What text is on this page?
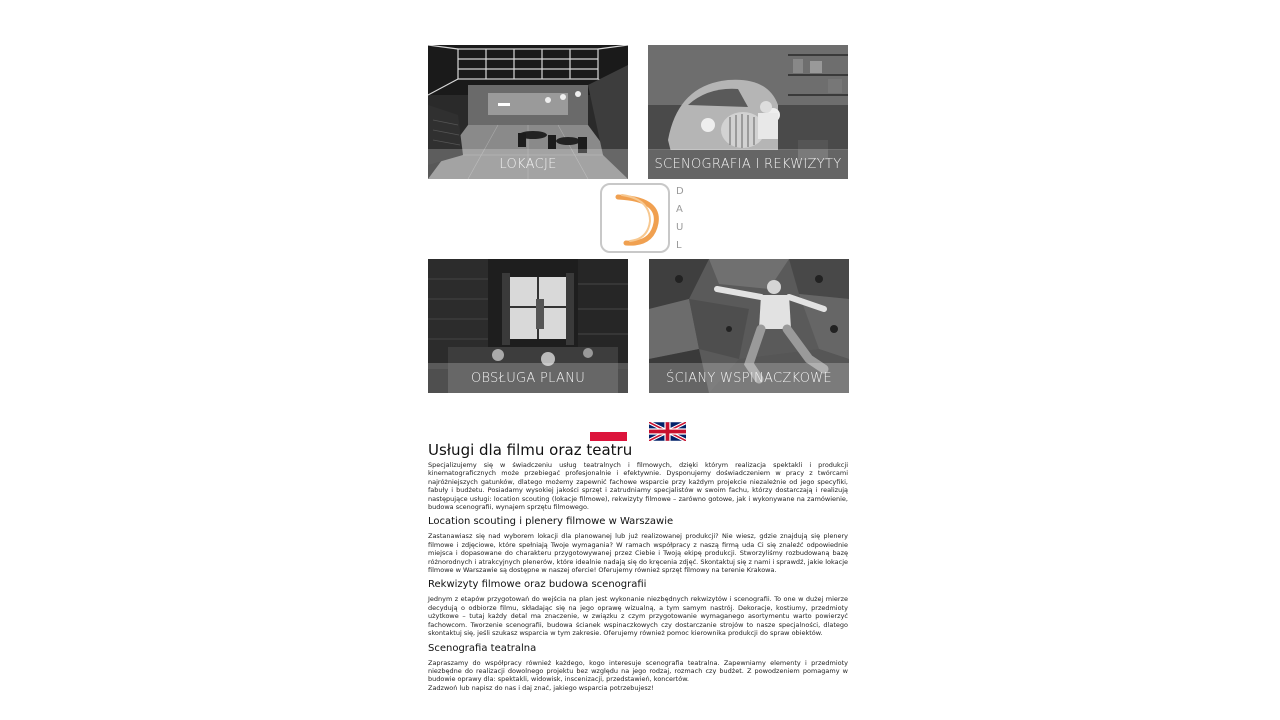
LOKACJE	SCENOGRAFIA I REKWIZYTY
D
A
U
L
OBSŁUGA PLANU	ŚCIANY WSPINACZKOWE
Usługi dla filmu oraz teatru

Specjalizujemy się w świadczeniu usług teatralnych i filmowych, dzięki którym realizacja spektakli i produkcji kinematograficznych może przebiegać profesjonalnie i efektywnie. Dysponujemy doświadczeniem w pracy z twórcami najróżniejszych gatunków, dlatego możemy zapewnić fachowe wsparcie przy każdym projekcie niezależnie od jego specyfiki, fabuły i budżetu. Posiadamy wysokiej jakości sprzęt i zatrudniamy specjalistów w swoim fachu, którzy dostarczają i realizują następujące usługi: location scouting (lokacje filmowe), rekwizyty filmowe – zarówno gotowe, jak i wykonywane na zamówienie, budowa scenografii, wynajem sprzętu filmowego.

Location scouting i plenery filmowe w Warszawie

Zastanawiasz się nad wyborem lokacji dla planowanej lub już realizowanej produkcji? Nie wiesz, gdzie znajdują się plenery filmowe i zdjęciowe, które spełniają Twoje wymagania? W ramach współpracy z naszą firmą uda Ci się znaleźć odpowiednie miejsca i dopasowane do charakteru przygotowywanej przez Ciebie i Twoją ekipę produkcji. Stworzyliśmy rozbudowaną bazę różnorodnych i atrakcyjnych plenerów, które idealnie nadają się do kręcenia zdjęć. Skontaktuj się z nami i sprawdź, jakie lokacje filmowe w Warszawie są dostępne w naszej ofercie! Oferujemy również sprzęt filmowy na terenie Krakowa.

Rekwizyty filmowe oraz budowa scenografii

Jednym z etapów przygotowań do wejścia na plan jest wykonanie niezbędnych rekwizytów i scenografii. To one w dużej mierze decydują o odbiorze filmu, składając się na jego oprawę wizualną, a tym samym nastrój. Dekoracje, kostiumy, przedmioty użytkowe – tutaj każdy detal ma znaczenie, w związku z czym przygotowanie wymaganego asortymentu warto powierzyć fachowcom. Tworzenie scenografii, budowa ścianek wspinaczkowych czy dostarczanie strojów to nasze specjalności, dlatego skontaktuj się, jeśli szukasz wsparcia w tym zakresie. Oferujemy również pomoc kierownika produkcji do spraw obiektów.

Scenografia teatralna

Zapraszamy do współpracy również każdego, kogo interesuje scenografia teatralna. Zapewniamy elementy i przedmioty niezbędne do realizacji dowolnego projektu bez względu na jego rodzaj, rozmach czy budżet. Z powodzeniem pomagamy w budowie oprawy dla: spektakli, widowisk, inscenizacji, przedstawień, koncertów.

Zadzwoń lub napisz do nas i daj znać, jakiego wsparcia potrzebujesz!
